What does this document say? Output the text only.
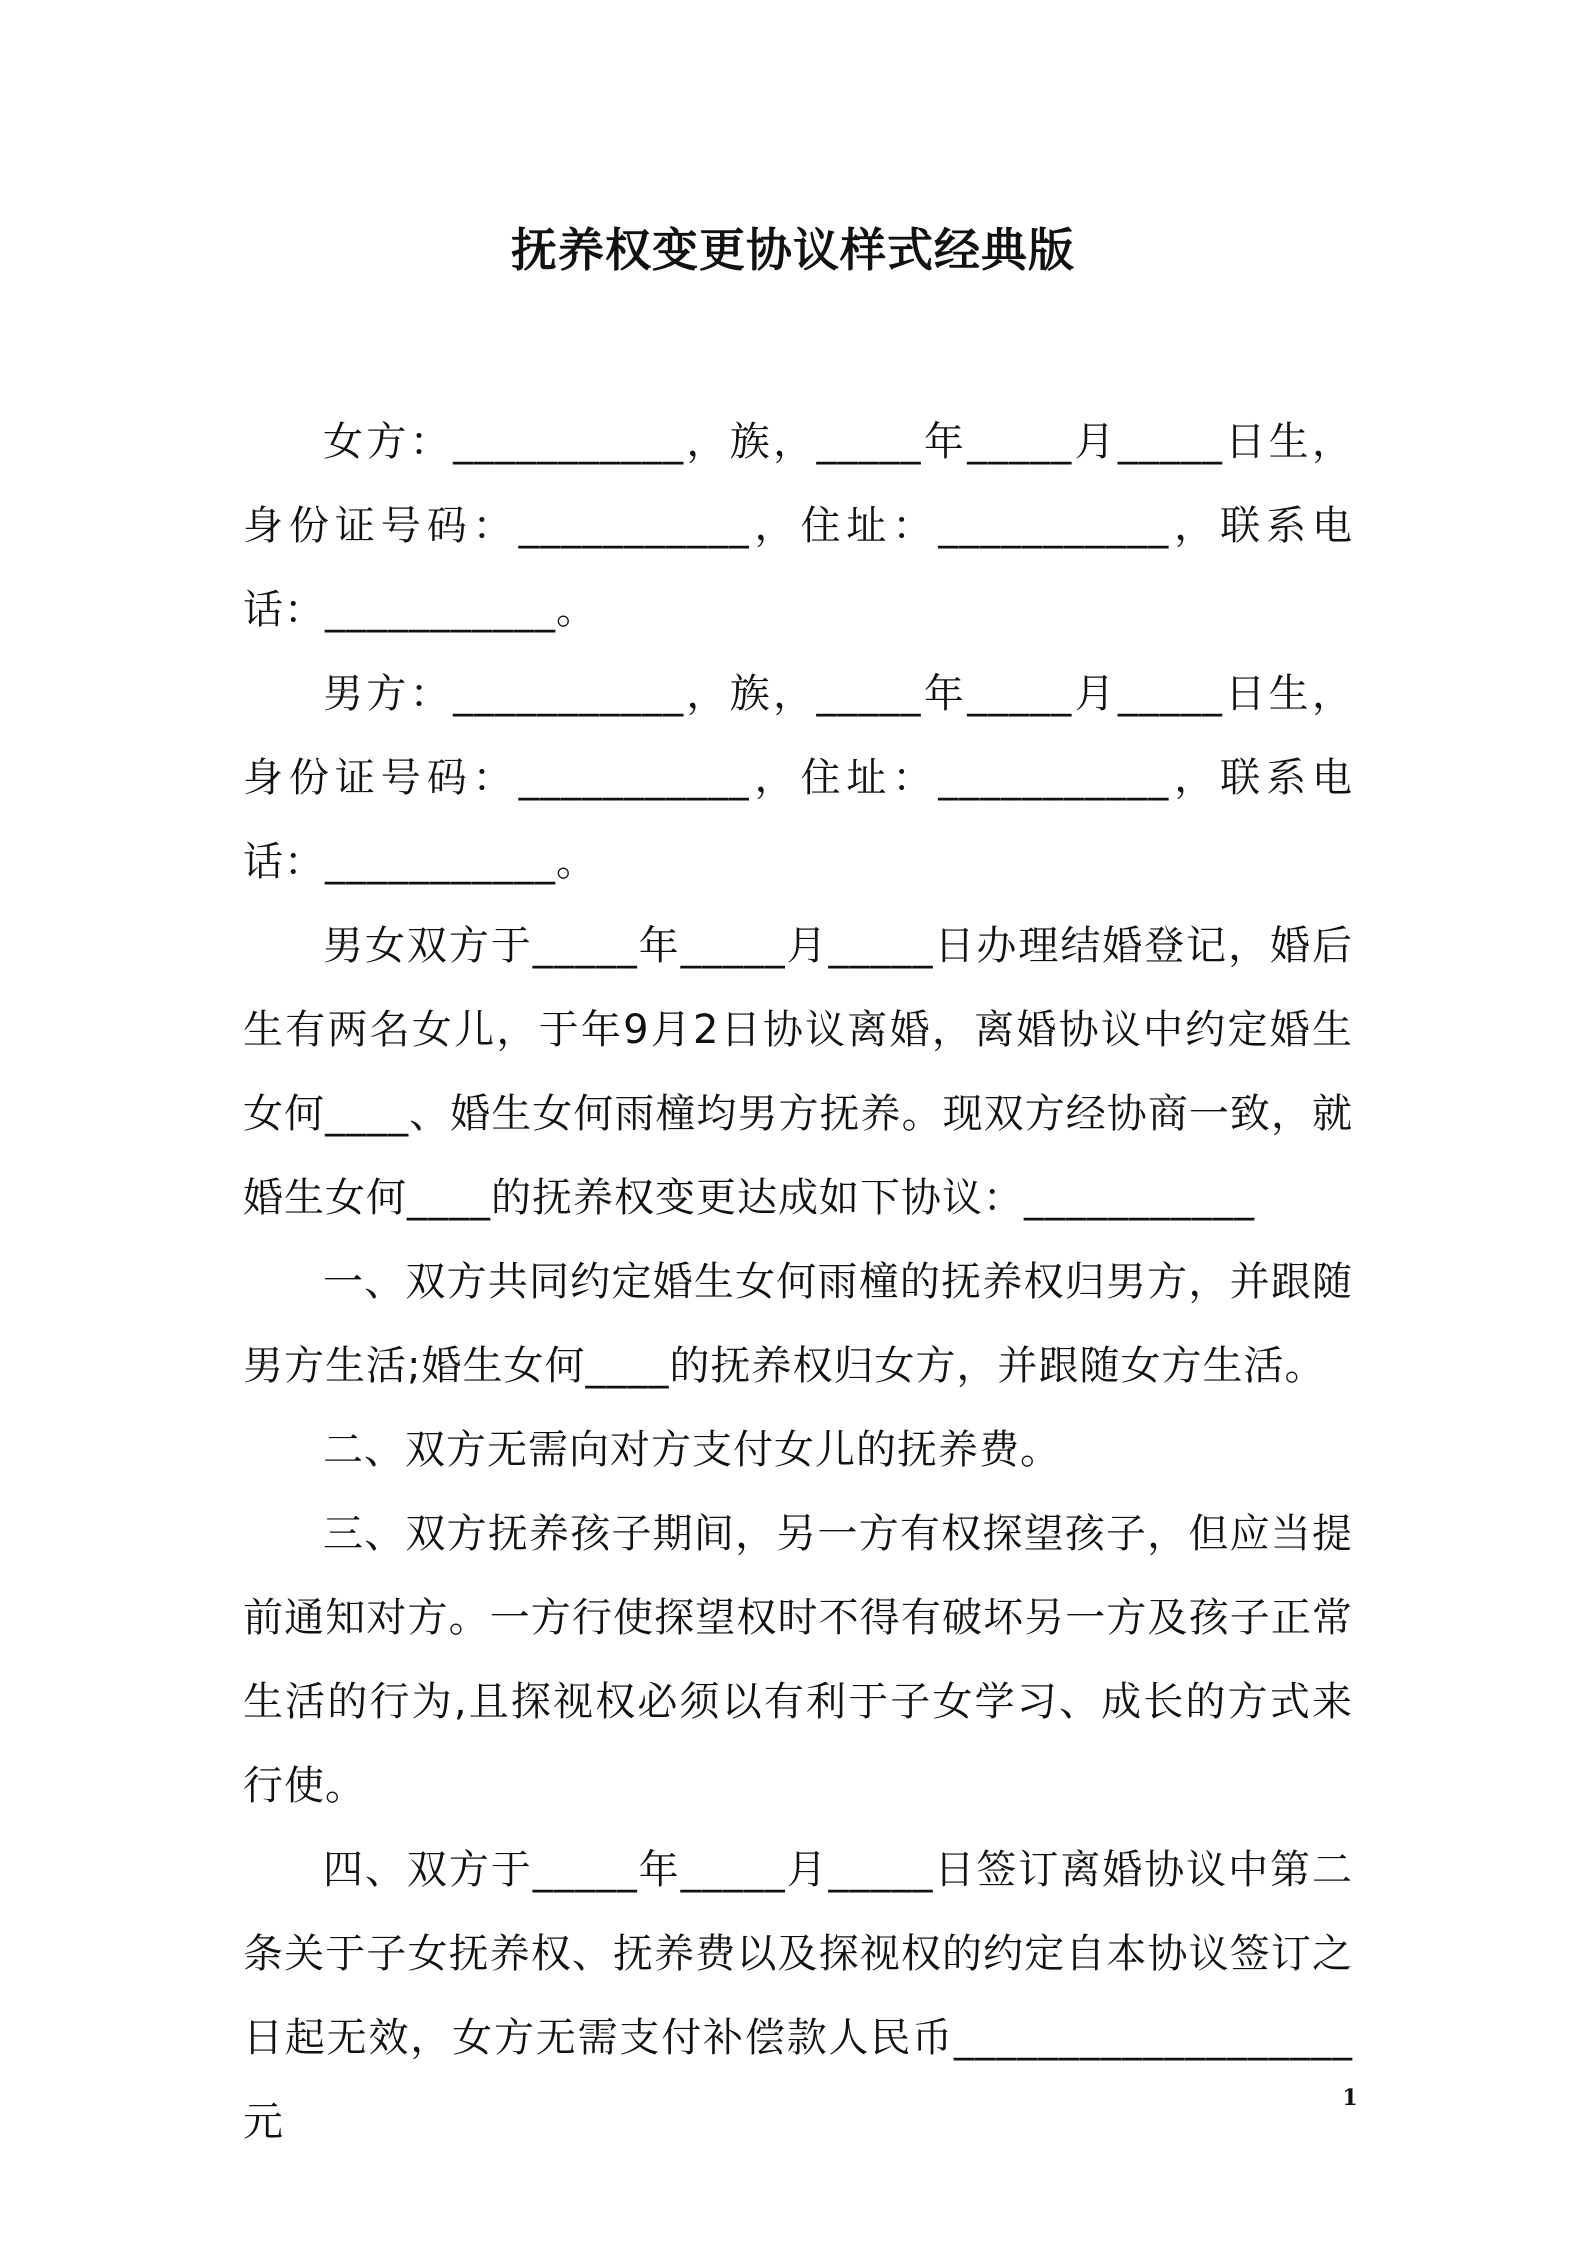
抚养权变更协议样式经典版

女方：___________，族，_____年_____月_____日生，身份证号码：___________，住址：___________，联系电话：___________。

男方：___________，族，_____年_____月_____日生，身份证号码：___________，住址：___________，联系电话：___________。

男女双方于_____年_____月_____日办理结婚登记，婚后生有两名女儿，于年9月2日协议离婚，离婚协议中约定婚生女何____、婚生女何雨橦均男方抚养。现双方经协商一致，就婚生女何____的抚养权变更达成如下协议：___________

一、双方共同约定婚生女何雨橦的抚养权归男方，并跟随男方生活;婚生女何____的抚养权归女方，并跟随女方生活。

二、双方无需向对方支付女儿的抚养费。

三、双方抚养孩子期间，另一方有权探望孩子，但应当提前通知对方。一方行使探望权时不得有破坏另一方及孩子正常生活的行为,且探视权必须以有利于子女学习、成长的方式来行使。

四、双方于_____年_____月_____日签订离婚协议中第二条关于子女抚养权、抚养费以及探视权的约定自本协议签订之日起无效，女方无需支付补偿款人民币___________________元

1
